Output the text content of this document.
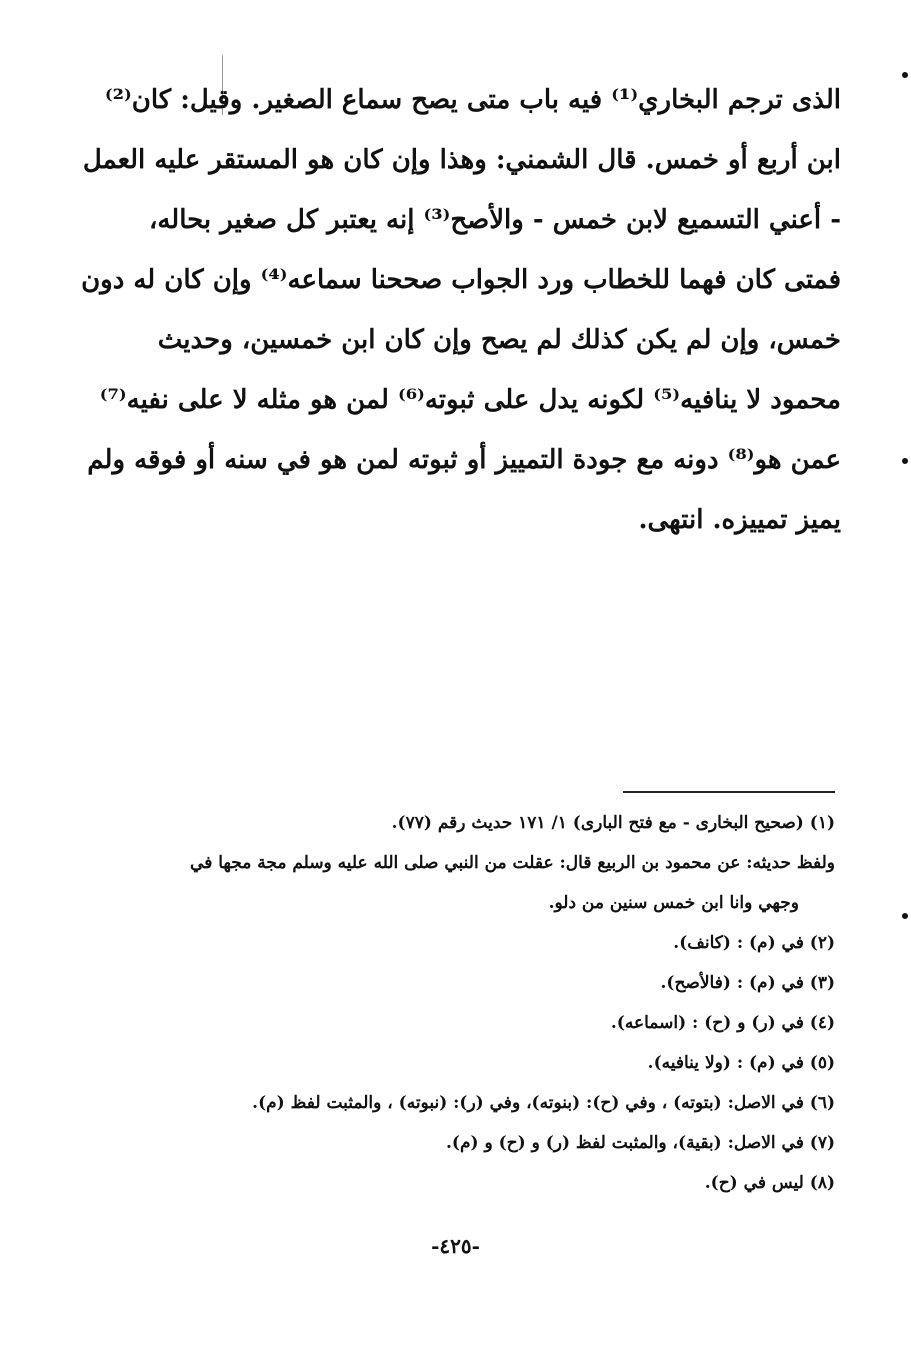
الذى ترجم البخاري⁽¹⁾ فيه باب متى يصح سماع الصغير. وقيل: كان⁽²⁾
ابن أربع أو خمس. قال الشمني: وهذا وإن كان هو المستقر عليه العمل
- أعني التسميع لابن خمس - والأصح⁽³⁾ إنه يعتبر كل صغير بحاله،
فمتى كان فهما للخطاب ورد الجواب صححنا سماعه⁽⁴⁾ وإن كان له دون
خمس، وإن لم يكن كذلك لم يصح وإن كان ابن خمسين، وحديث
محمود لا ينافيه⁽⁵⁾ لكونه يدل على ثبوته⁽⁶⁾ لمن هو مثله لا على نفيه⁽⁷⁾
عمن هو⁽⁸⁾ دونه مع جودة التمييز أو ثبوته لمن هو في سنه أو فوقه ولم
يميز تمييزه. انتهى.
(١) (صحيح البخارى - مع فتح البارى) ١/ ١٧١ حديث رقم (٧٧).
ولفظ حديثه: عن محمود بن الربيع قال: عقلت من النبي صلى الله عليه وسلم مجة مجها في
وجهي وانا ابن خمس سنين من دلو.
(٢) في (م) : (كانف).
(٣) في (م) : (فالأصح).
(٤) في (ر) و (ح) : (اسماعه).
(٥) في (م) : (ولا ينافيه).
(٦) في الاصل: (بتوته) ، وفي (ح): (بنوته)، وفي (ر): (نبوته) ، والمثبت لفظ (م).
(٧) في الاصل: (بقية)، والمثبت لفظ (ر) و (ح) و (م).
(٨) ليس في (ح).
-٤٢٥-
